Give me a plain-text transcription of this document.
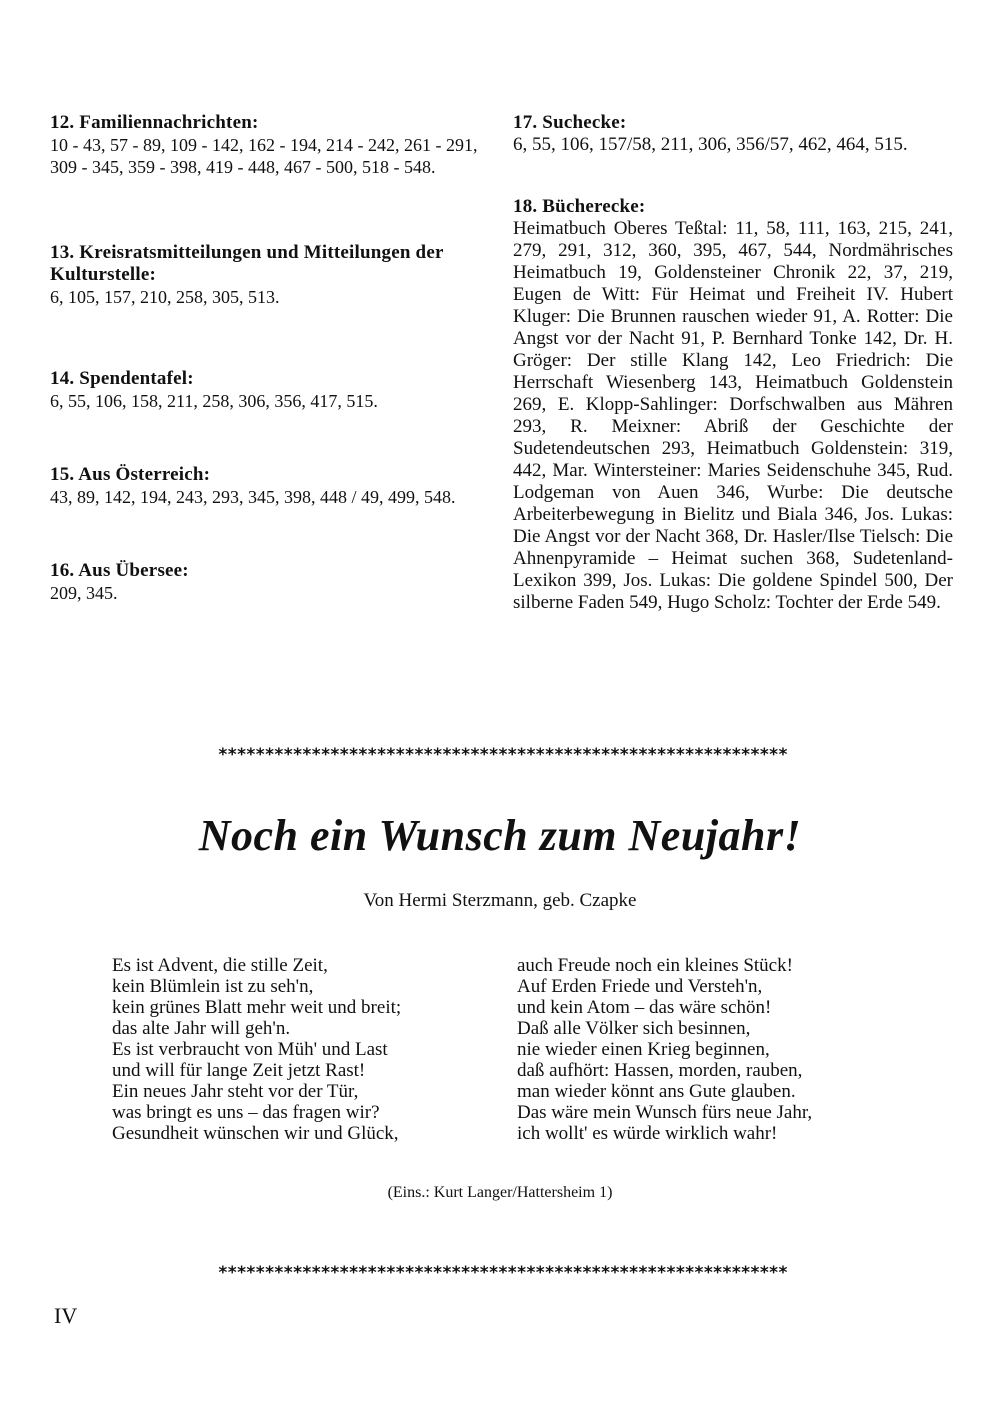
12. Familiennachrichten:
10 - 43, 57 - 89, 109 - 142, 162 - 194, 214 - 242, 261 - 291, 309 - 345, 359 - 398, 419 - 448, 467 - 500, 518 - 548.
13. Kreisratsmitteilungen und Mitteilungen der Kulturstelle:
6, 105, 157, 210, 258, 305, 513.
14. Spendentafel:
6, 55, 106, 158, 211, 258, 306, 356, 417, 515.
15. Aus Österreich:
43, 89, 142, 194, 243, 293, 345, 398, 448 / 49, 499, 548.
16. Aus Übersee:
209, 345.
17. Suchecke:
6, 55, 106, 157/58, 211, 306, 356/57, 462, 464, 515.
18. Bücherecke:
Heimatbuch Oberes Teßtal: 11, 58, 111, 163, 215, 241, 279, 291, 312, 360, 395, 467, 544, Nordmährisches Heimatbuch 19, Goldensteiner Chronik 22, 37, 219, Eugen de Witt: Für Heimat und Freiheit IV. Hubert Kluger: Die Brunnen rauschen wieder 91, A. Rotter: Die Angst vor der Nacht 91, P. Bernhard Tonke 142, Dr. H. Gröger: Der stille Klang 142, Leo Friedrich: Die Herrschaft Wiesenberg 143, Heimatbuch Goldenstein 269, E. Klopp-Sahlinger: Dorfschwalben aus Mähren 293, R. Meixner: Abriß der Geschichte der Sudetendeutschen 293, Heimatbuch Goldenstein: 319, 442, Mar. Wintersteiner: Maries Seidenschuhe 345, Rud. Lodgeman von Auen 346, Wurbe: Die deutsche Arbeiterbewegung in Bielitz und Biala 346, Jos. Lukas: Die Angst vor der Nacht 368, Dr. Hasler/Ilse Tielsch: Die Ahnenpyramide – Heimat suchen 368, Sudetenland-Lexikon 399, Jos. Lukas: Die goldene Spindel 500, Der silberne Faden 549, Hugo Scholz: Tochter der Erde 549.
*************************************************************
Noch ein Wunsch zum Neujahr!
Von Hermi Sterzmann, geb. Czapke
Es ist Advent, die stille Zeit,
kein Blümlein ist zu seh'n,
kein grünes Blatt mehr weit und breit;
das alte Jahr will geh'n.
Es ist verbraucht von Müh' und Last
und will für lange Zeit jetzt Rast!
Ein neues Jahr steht vor der Tür,
was bringt es uns – das fragen wir?
Gesundheit wünschen wir und Glück,
auch Freude noch ein kleines Stück!
Auf Erden Friede und Versteh'n,
und kein Atom – das wäre schön!
Daß alle Völker sich besinnen,
nie wieder einen Krieg beginnen,
daß aufhört: Hassen, morden, rauben,
man wieder könnt ans Gute glauben.
Das wäre mein Wunsch fürs neue Jahr,
ich wollt' es würde wirklich wahr!
(Eins.: Kurt Langer/Hattersheim 1)
*************************************************************
IV
